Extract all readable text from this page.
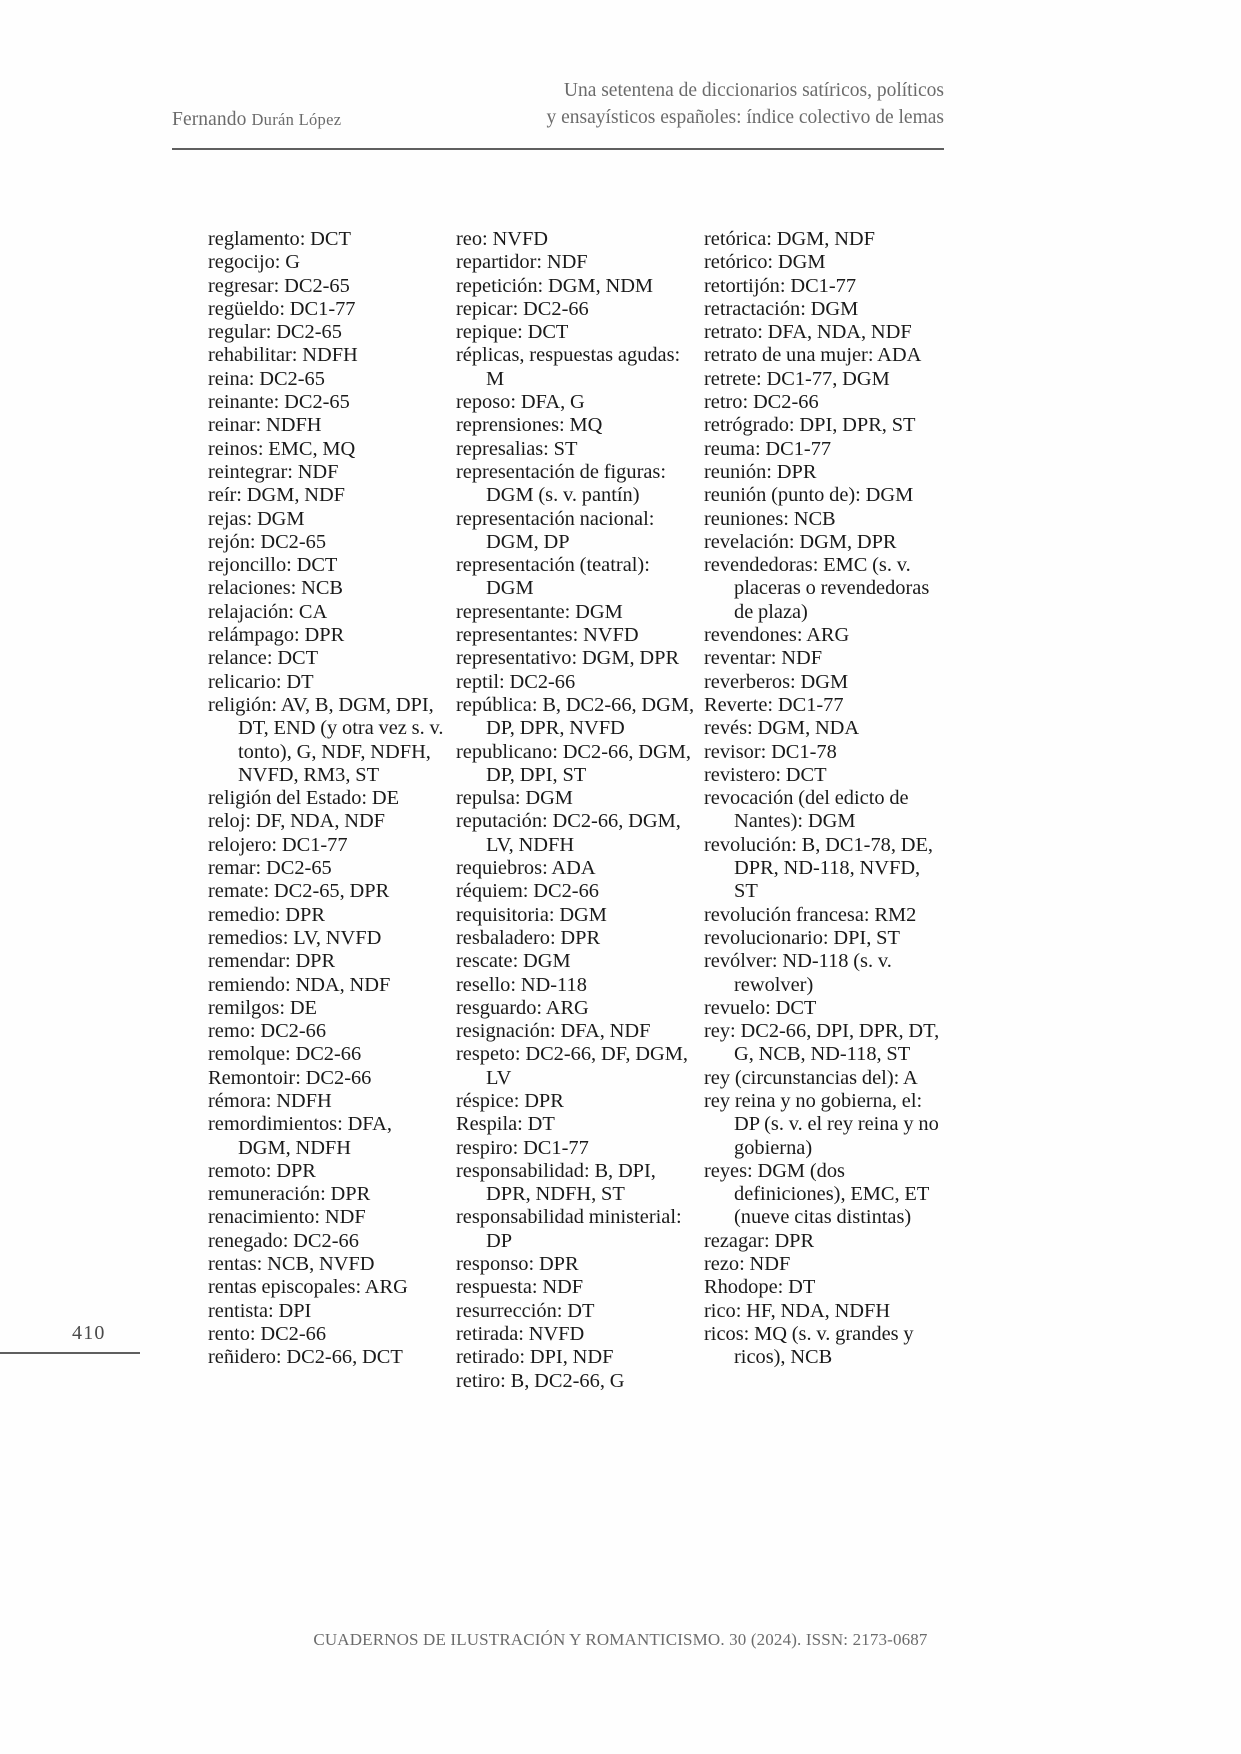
Fernando Durán López
Una setentena de diccionarios satíricos, políticos
y ensayísticos españoles: índice colectivo de lemas
reglamento: DCT
regocijo: G
regresar: DC2-65
regüeldo: DC1-77
regular: DC2-65
rehabilitar: NDFH
reina: DC2-65
reinante: DC2-65
reinar: NDFH
reinos: EMC, MQ
reintegrar: NDF
reír: DGM, NDF
rejas: DGM
rejón: DC2-65
rejoncillo: DCT
relaciones: NCB
relajación: CA
relámpago: DPR
relance: DCT
relicario: DT
religión: AV, B, DGM, DPI, DT, END (y otra vez s. v. tonto), G, NDF, NDFH, NVFD, RM3, ST
religión del Estado: DE
reloj: DF, NDA, NDF
relojero: DC1-77
remar: DC2-65
remate: DC2-65, DPR
remedio: DPR
remedios: LV, NVFD
remendar: DPR
remiendo: NDA, NDF
remilgos: DE
remo: DC2-66
remolque: DC2-66
Remontoir: DC2-66
rémora: NDFH
remordimientos: DFA, DGM, NDFH
remoto: DPR
remuneración: DPR
renacimiento: NDF
renegado: DC2-66
rentas: NCB, NVFD
rentas episcopales: ARG
rentista: DPI
rento: DC2-66
reñidero: DC2-66, DCT
reo: NVFD
repartidor: NDF
repetición: DGM, NDM
repicar: DC2-66
repique: DCT
réplicas, respuestas agudas: M
reposo: DFA, G
reprensiones: MQ
represalias: ST
representación de figuras: DGM (s. v. pantín)
representación nacional: DGM, DP
representación (teatral): DGM
representante: DGM
representantes: NVFD
representativo: DGM, DPR
reptil: DC2-66
república: B, DC2-66, DGM, DP, DPR, NVFD
republicano: DC2-66, DGM, DP, DPI, ST
repulsa: DGM
reputación: DC2-66, DGM, LV, NDFH
requiebros: ADA
réquiem: DC2-66
requisitoria: DGM
resbaladero: DPR
rescate: DGM
resello: ND-118
resguardo: ARG
resignación: DFA, NDF
respeto: DC2-66, DF, DGM, LV
réspice: DPR
Respila: DT
respiro: DC1-77
responsabilidad: B, DPI, DPR, NDFH, ST
responsabilidad ministerial: DP
responso: DPR
respuesta: NDF
resurrección: DT
retirada: NVFD
retirado: DPI, NDF
retiro: B, DC2-66, G
retórica: DGM, NDF
retórico: DGM
retortijón: DC1-77
retractación: DGM
retrato: DFA, NDA, NDF
retrato de una mujer: ADA
retrete: DC1-77, DGM
retro: DC2-66
retrógrado: DPI, DPR, ST
reuma: DC1-77
reunión: DPR
reunión (punto de): DGM
reuniones: NCB
revelación: DGM, DPR
revendedoras: EMC (s. v. placeras o revendedoras de plaza)
revendones: ARG
reventar: NDF
reverberos: DGM
Reverte: DC1-77
revés: DGM, NDA
revisor: DC1-78
revistero: DCT
revocación (del edicto de Nantes): DGM
revolución: B, DC1-78, DE, DPR, ND-118, NVFD, ST
revolución francesa: RM2
revolucionario: DPI, ST
revólver: ND-118 (s. v. rewolver)
revuelo: DCT
rey: DC2-66, DPI, DPR, DT, G, NCB, ND-118, ST
rey (circunstancias del): A
rey reina y no gobierna, el: DP (s. v. el rey reina y no gobierna)
reyes: DGM (dos definiciones), EMC, ET (nueve citas distintas)
rezagar: DPR
rezo: NDF
Rhodope: DT
rico: HF, NDA, NDFH
ricos: MQ (s. v. grandes y ricos), NCB
410
CUADERNOS DE ILUSTRACIÓN Y ROMANTICISMO. 30 (2024). ISSN: 2173-0687
